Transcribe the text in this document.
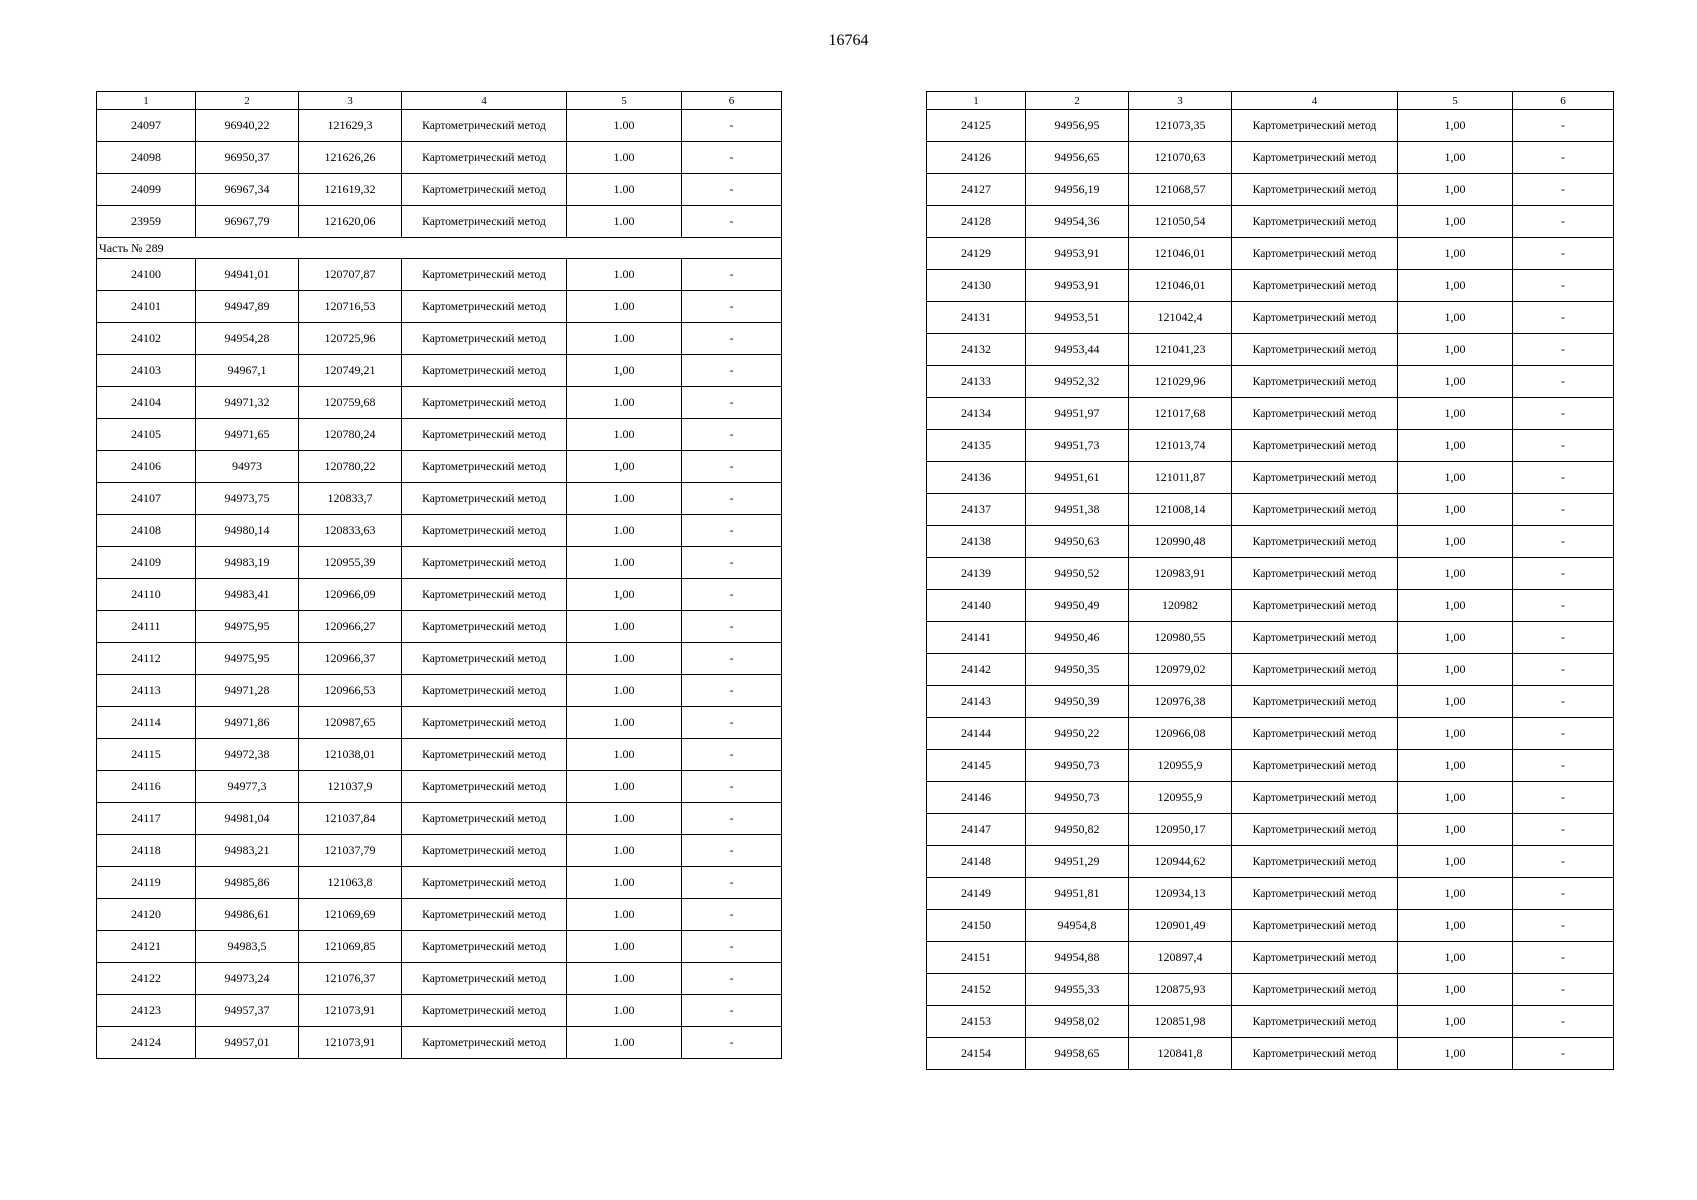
16764
1	2	3	4	5	6
24097	96940,22	121629,3	Картометрический метод	1.00	-
24098	96950,37	121626,26	Картометрический метод	1.00	-
24099	96967,34	121619,32	Картометрический метод	1.00	-
23959	96967,79	121620,06	Картометрический метод	1.00	-
Часть № 289					
24100	94941,01	120707,87	Картометрический метод	1.00	-
24101	94947,89	120716,53	Картометрический метод	1.00	-
24102	94954,28	120725,96	Картометрический метод	1.00	-
24103	94967,1	120749,21	Картометрический метод	1,00	-
24104	94971,32	120759,68	Картометрический метод	1.00	-
24105	94971,65	120780,24	Картометрический метод	1.00	-
24106	94973	120780,22	Картометрический метод	1,00	-
24107	94973,75	120833,7	Картометрический метод	1.00	-
24108	94980,14	120833,63	Картометрический метод	1.00	-
24109	94983,19	120955,39	Картометрический метод	1.00	-
24110	94983,41	120966,09	Картометрический метод	1,00	-
24111	94975,95	120966,27	Картометрический метод	1.00	-
24112	94975,95	120966,37	Картометрический метод	1.00	-
24113	94971,28	120966,53	Картометрический метод	1.00	-
24114	94971,86	120987,65	Картометрический метод	1.00	-
24115	94972,38	121038,01	Картометрический метод	1.00	-
24116	94977,3	121037,9	Картометрический метод	1.00	-
24117	94981,04	121037,84	Картометрический метод	1.00	-
24118	94983,21	121037,79	Картометрический метод	1.00	-
24119	94985,86	121063,8	Картометрический метод	1.00	-
24120	94986,61	121069,69	Картометрический метод	1.00	-
24121	94983,5	121069,85	Картометрический метод	1.00	-
24122	94973,24	121076,37	Картометрический метод	1.00	-
24123	94957,37	121073,91	Картометрический метод	1.00	-
24124	94957,01	121073,91	Картометрический метод	1.00	-
1	2	3	4	5	6
24125	94956,95	121073,35	Картометрический метод	1,00	-
24126	94956,65	121070,63	Картометрический метод	1,00	-
24127	94956,19	121068,57	Картометрический метод	1,00	-
24128	94954,36	121050,54	Картометрический метод	1,00	-
24129	94953,91	121046,01	Картометрический метод	1,00	-
24130	94953,91	121046,01	Картометрический метод	1,00	-
24131	94953,51	121042,4	Картометрический метод	1,00	-
24132	94953,44	121041,23	Картометрический метод	1,00	-
24133	94952,32	121029,96	Картометрический метод	1,00	-
24134	94951,97	121017,68	Картометрический метод	1,00	-
24135	94951,73	121013,74	Картометрический метод	1,00	-
24136	94951,61	121011,87	Картометрический метод	1,00	-
24137	94951,38	121008,14	Картометрический метод	1,00	-
24138	94950,63	120990,48	Картометрический метод	1,00	-
24139	94950,52	120983,91	Картометрический метод	1,00	-
24140	94950,49	120982	Картометрический метод	1,00	-
24141	94950,46	120980,55	Картометрический метод	1,00	-
24142	94950,35	120979,02	Картометрический метод	1,00	-
24143	94950,39	120976,38	Картометрический метод	1,00	-
24144	94950,22	120966,08	Картометрический метод	1,00	-
24145	94950,73	120955,9	Картометрический метод	1,00	-
24146	94950,73	120955,9	Картометрический метод	1,00	-
24147	94950,82	120950,17	Картометрический метод	1,00	-
24148	94951,29	120944,62	Картометрический метод	1,00	-
24149	94951,81	120934,13	Картометрический метод	1,00	-
24150	94954,8	120901,49	Картометрический метод	1,00	-
24151	94954,88	120897,4	Картометрический метод	1,00	-
24152	94955,33	120875,93	Картометрический метод	1,00	-
24153	94958,02	120851,98	Картометрический метод	1,00	-
24154	94958,65	120841,8	Картометрический метод	1,00	-
